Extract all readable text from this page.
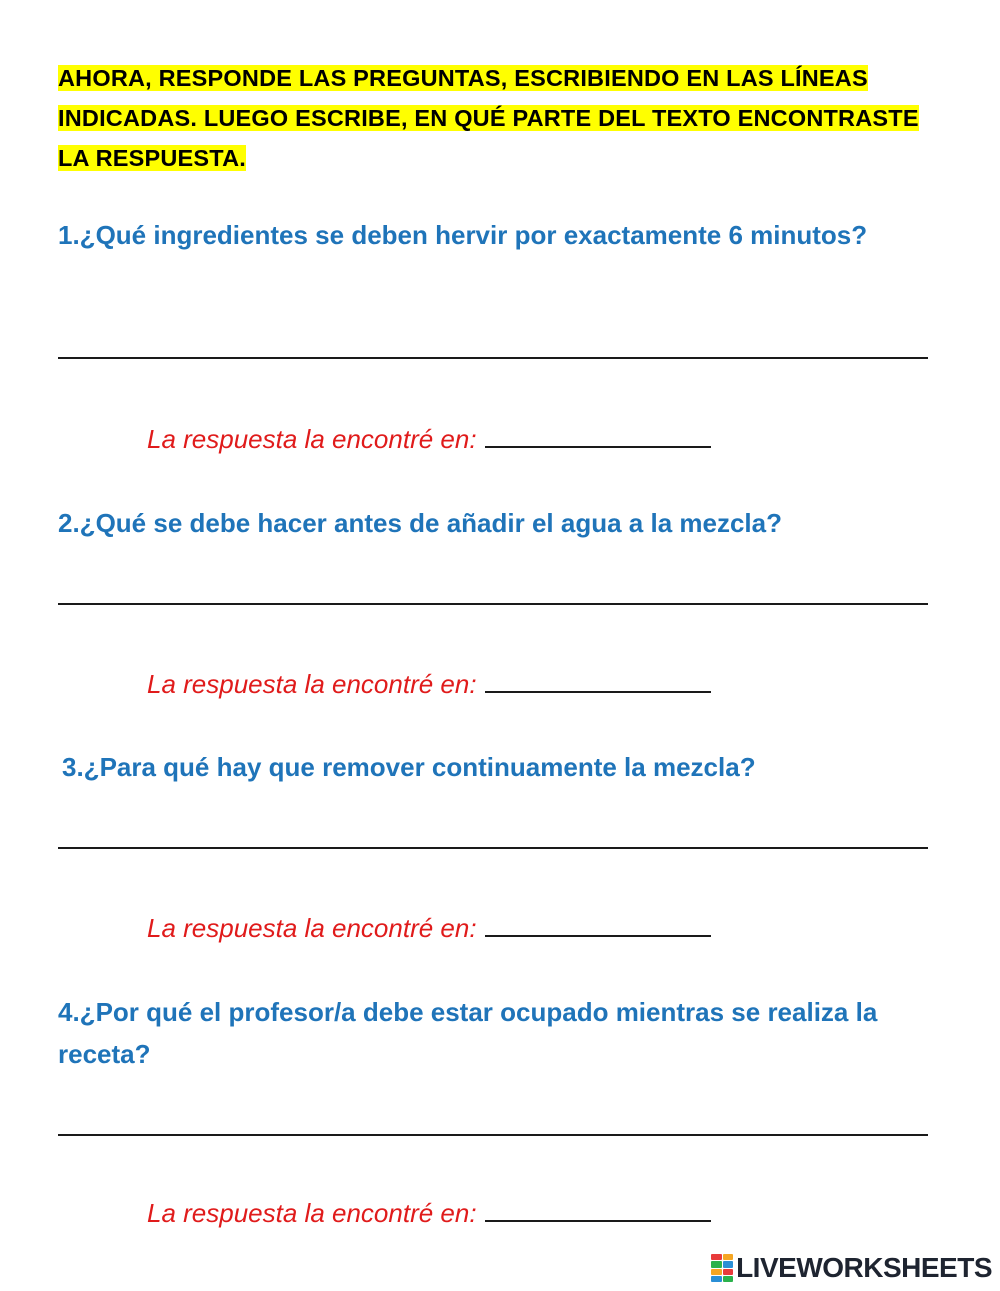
AHORA, RESPONDE LAS PREGUNTAS, ESCRIBIENDO EN LAS LÍNEAS INDICADAS. LUEGO ESCRIBE, EN QUÉ PARTE DEL TEXTO ENCONTRASTE LA RESPUESTA.
1.¿Qué ingredientes se deben hervir por exactamente 6 minutos?
La respuesta la encontré en:
2.¿Qué se debe hacer antes de añadir el agua a la mezcla?
La respuesta la encontré en:
3.¿Para qué hay que remover continuamente la mezcla?
La respuesta la encontré en:
4.¿Por qué el profesor/a debe estar ocupado mientras se realiza la receta?
La respuesta la encontré en:
LIVEWORKSHEETS
